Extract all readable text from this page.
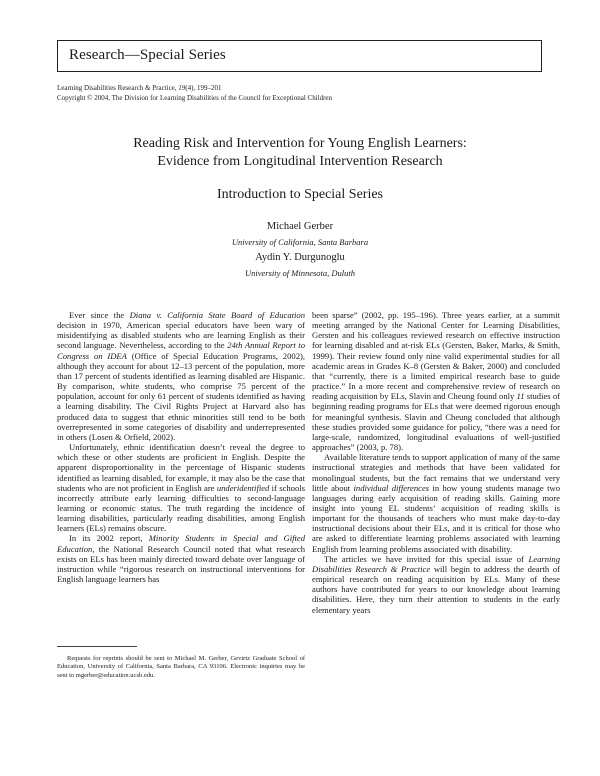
Research—Special Series
Learning Disabilities Research & Practice, 19(4), 199–201
Copyright © 2004, The Division for Learning Disabilities of the Council for Exceptional Children
Reading Risk and Intervention for Young English Learners:
Evidence from Longitudinal Intervention Research
Introduction to Special Series
Michael Gerber
University of California, Santa Barbara
Aydin Y. Durgunoglu
University of Minnesota, Duluth

Ever since the Diana v. California State Board of Education decision in 1970, American special educators have been wary of misidentifying as disabled students who are learning English as their second language. Nevertheless, according to the 24th Annual Report to Congress on IDEA (Office of Special Education Programs, 2002), although they account for about 12–13 percent of the population, more than 17 percent of students identified as learning disabled are Hispanic. By comparison, white students, who comprise 75 percent of the population, account for only 61 percent of students identified as having a learning disability. The Civil Rights Project at Harvard also has produced data to suggest that ethnic minorities still tend to be both overrepresented in some categories of disability and underrepresented in others (Losen & Orfield, 2002).

Unfortunately, ethnic identification doesn’t reveal the degree to which these or other students are proficient in English. Despite the apparent disproportionality in the percentage of Hispanic students identified as learning disabled, for example, it may also be the case that students who are not proficient in English are underidentified if schools incorrectly attribute early learning difficulties to second-language learning or economic status. The truth regarding the incidence of learning disabilities, particularly reading disabilities, among English learners (ELs) remains obscure.

In its 2002 report, Minority Students in Special and Gifted Education, the National Research Council noted that what research exists on ELs has been mainly directed toward debate over language of instruction while “rigorous research on instructional interventions for English language learners has

been sparse” (2002, pp. 195–196). Three years earlier, at a summit meeting arranged by the National Center for Learning Disabilities, Gersten and his colleagues reviewed research on effective instruction for learning disabled and at-risk ELs (Gersten, Baker, Marks, & Smith, 1999). Their review found only nine valid experimental studies for all academic areas in Grades K–8 (Gersten & Baker, 2000) and concluded that “currently, there is a limited empirical research base to guide practice.” In a more recent and comprehensive review of research on reading acquisition by ELs, Slavin and Cheung found only 11 studies of beginning reading programs for ELs that were deemed rigorous enough for meaningful synthesis. Slavin and Cheung concluded that although these studies provided some guidance for policy, “there was a need for large-scale, randomized, longitudinal evaluations of well-justified approaches” (2003, p. 78).

Available literature tends to support application of many of the same instructional strategies and methods that have been validated for monolingual students, but the fact remains that we understand very little about individual differences in how young students manage two languages during early acquisition of reading skills. Gaining more insight into young EL students’ acquisition of reading skills is important for the thousands of teachers who must make day-to-day instructional decisions about their ELs, and it is critical for those who are asked to differentiate learning problems associated with learning English from learning problems associated with disability.

The articles we have invited for this special issue of Learning Disabilities Research & Practice will begin to address the dearth of empirical research on reading acquisition by ELs. Many of these authors have contributed for years to our knowledge about learning disabilities. Here, they turn their attention to students in the early elementary years

Requests for reprints should be sent to Michael M. Gerber, Gevirtz Graduate School of Education, University of California, Santa Barbara, CA 93106. Electronic inquiries may be sent to mgerber@education.ucsb.edu.
